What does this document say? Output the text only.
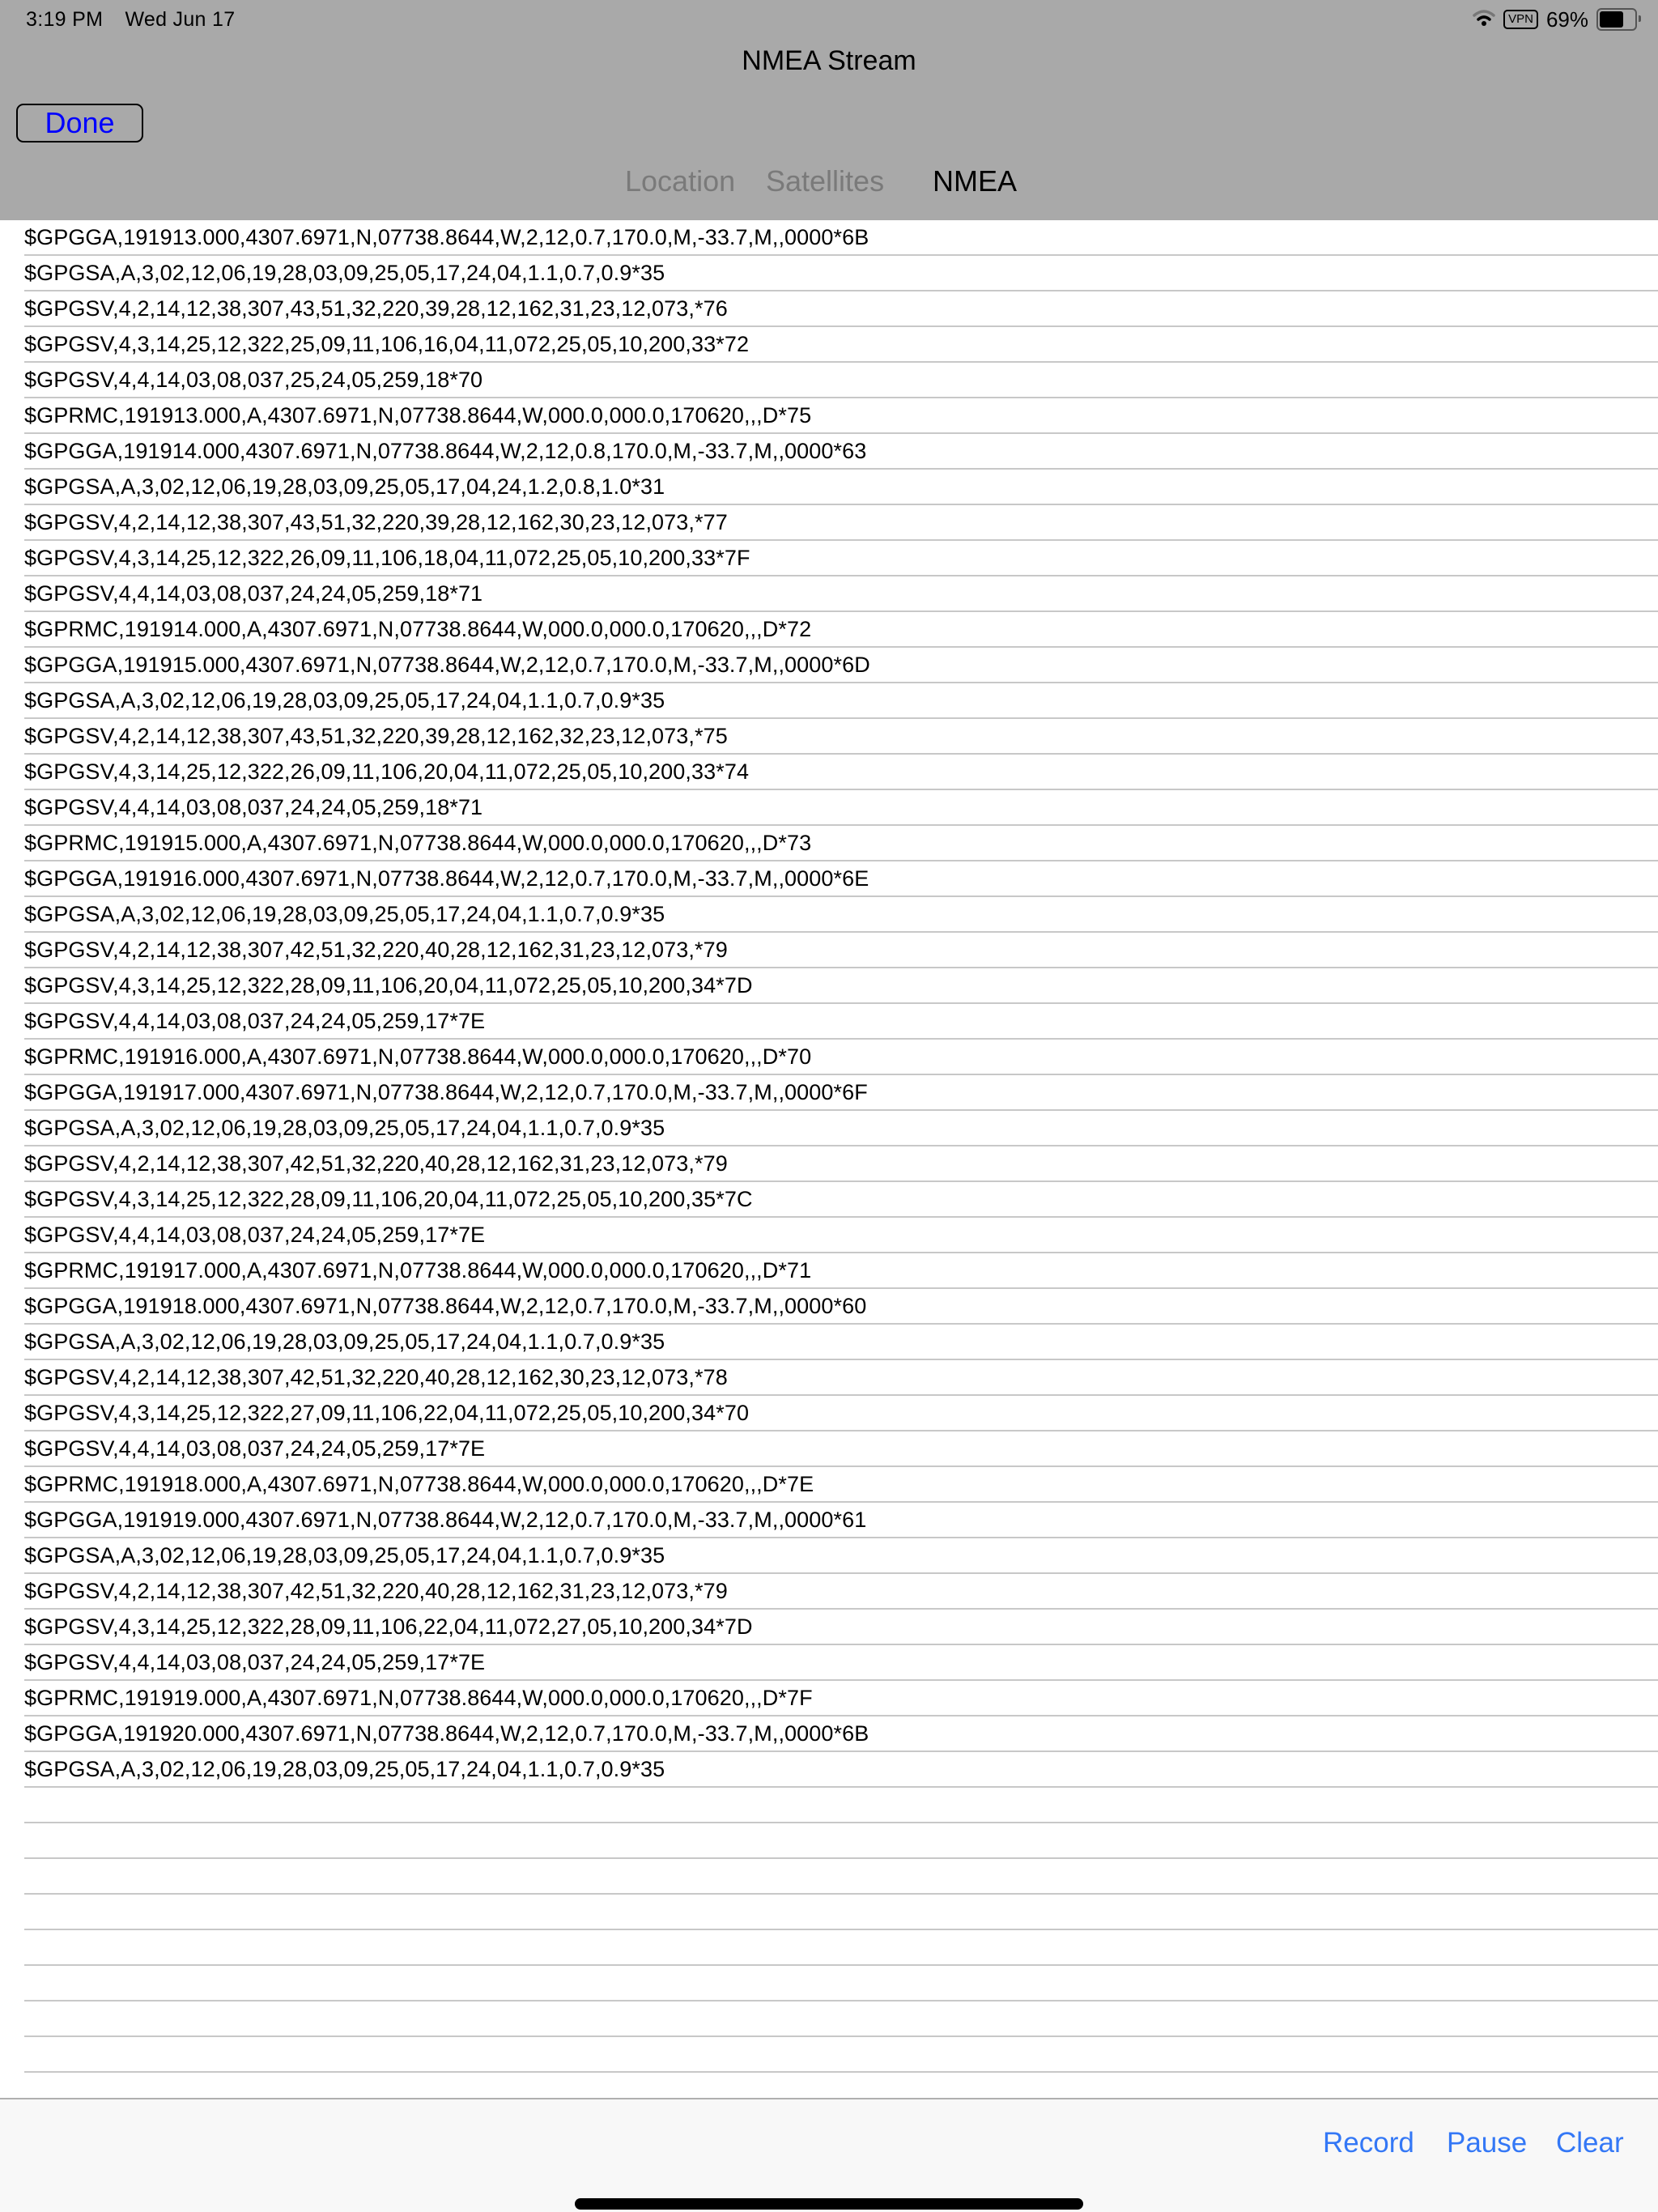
3:19 PM Wed Jun 17	VPN 69%
NMEA Stream
Done
Location Satellites NMEA
$GPGGA,191913.000,4307.6971,N,07738.8644,W,2,12,0.7,170.0,M,-33.7,M,,0000*6B
$GPGSA,A,3,02,12,06,19,28,03,09,25,05,17,24,04,1.1,0.7,0.9*35
$GPGSV,4,2,14,12,38,307,43,51,32,220,39,28,12,162,31,23,12,073,*76
$GPGSV,4,3,14,25,12,322,25,09,11,106,16,04,11,072,25,05,10,200,33*72
$GPGSV,4,4,14,03,08,037,25,24,05,259,18*70
$GPRMC,191913.000,A,4307.6971,N,07738.8644,W,000.0,000.0,170620,,,D*75
$GPGGA,191914.000,4307.6971,N,07738.8644,W,2,12,0.8,170.0,M,-33.7,M,,0000*63
$GPGSA,A,3,02,12,06,19,28,03,09,25,05,17,04,24,1.2,0.8,1.0*31
$GPGSV,4,2,14,12,38,307,43,51,32,220,39,28,12,162,30,23,12,073,*77
$GPGSV,4,3,14,25,12,322,26,09,11,106,18,04,11,072,25,05,10,200,33*7F
$GPGSV,4,4,14,03,08,037,24,24,05,259,18*71
$GPRMC,191914.000,A,4307.6971,N,07738.8644,W,000.0,000.0,170620,,,D*72
$GPGGA,191915.000,4307.6971,N,07738.8644,W,2,12,0.7,170.0,M,-33.7,M,,0000*6D
$GPGSA,A,3,02,12,06,19,28,03,09,25,05,17,24,04,1.1,0.7,0.9*35
$GPGSV,4,2,14,12,38,307,43,51,32,220,39,28,12,162,32,23,12,073,*75
$GPGSV,4,3,14,25,12,322,26,09,11,106,20,04,11,072,25,05,10,200,33*74
$GPGSV,4,4,14,03,08,037,24,24,05,259,18*71
$GPRMC,191915.000,A,4307.6971,N,07738.8644,W,000.0,000.0,170620,,,D*73
$GPGGA,191916.000,4307.6971,N,07738.8644,W,2,12,0.7,170.0,M,-33.7,M,,0000*6E
$GPGSA,A,3,02,12,06,19,28,03,09,25,05,17,24,04,1.1,0.7,0.9*35
$GPGSV,4,2,14,12,38,307,42,51,32,220,40,28,12,162,31,23,12,073,*79
$GPGSV,4,3,14,25,12,322,28,09,11,106,20,04,11,072,25,05,10,200,34*7D
$GPGSV,4,4,14,03,08,037,24,24,05,259,17*7E
$GPRMC,191916.000,A,4307.6971,N,07738.8644,W,000.0,000.0,170620,,,D*70
$GPGGA,191917.000,4307.6971,N,07738.8644,W,2,12,0.7,170.0,M,-33.7,M,,0000*6F
$GPGSA,A,3,02,12,06,19,28,03,09,25,05,17,24,04,1.1,0.7,0.9*35
$GPGSV,4,2,14,12,38,307,42,51,32,220,40,28,12,162,31,23,12,073,*79
$GPGSV,4,3,14,25,12,322,28,09,11,106,20,04,11,072,25,05,10,200,35*7C
$GPGSV,4,4,14,03,08,037,24,24,05,259,17*7E
$GPRMC,191917.000,A,4307.6971,N,07738.8644,W,000.0,000.0,170620,,,D*71
$GPGGA,191918.000,4307.6971,N,07738.8644,W,2,12,0.7,170.0,M,-33.7,M,,0000*60
$GPGSA,A,3,02,12,06,19,28,03,09,25,05,17,24,04,1.1,0.7,0.9*35
$GPGSV,4,2,14,12,38,307,42,51,32,220,40,28,12,162,30,23,12,073,*78
$GPGSV,4,3,14,25,12,322,27,09,11,106,22,04,11,072,25,05,10,200,34*70
$GPGSV,4,4,14,03,08,037,24,24,05,259,17*7E
$GPRMC,191918.000,A,4307.6971,N,07738.8644,W,000.0,000.0,170620,,,D*7E
$GPGGA,191919.000,4307.6971,N,07738.8644,W,2,12,0.7,170.0,M,-33.7,M,,0000*61
$GPGSA,A,3,02,12,06,19,28,03,09,25,05,17,24,04,1.1,0.7,0.9*35
$GPGSV,4,2,14,12,38,307,42,51,32,220,40,28,12,162,31,23,12,073,*79
$GPGSV,4,3,14,25,12,322,28,09,11,106,22,04,11,072,27,05,10,200,34*7D
$GPGSV,4,4,14,03,08,037,24,24,05,259,17*7E
$GPRMC,191919.000,A,4307.6971,N,07738.8644,W,000.0,000.0,170620,,,D*7F
$GPGGA,191920.000,4307.6971,N,07738.8644,W,2,12,0.7,170.0,M,-33.7,M,,0000*6B
$GPGSA,A,3,02,12,06,19,28,03,09,25,05,17,24,04,1.1,0.7,0.9*35
Record Pause Clear
